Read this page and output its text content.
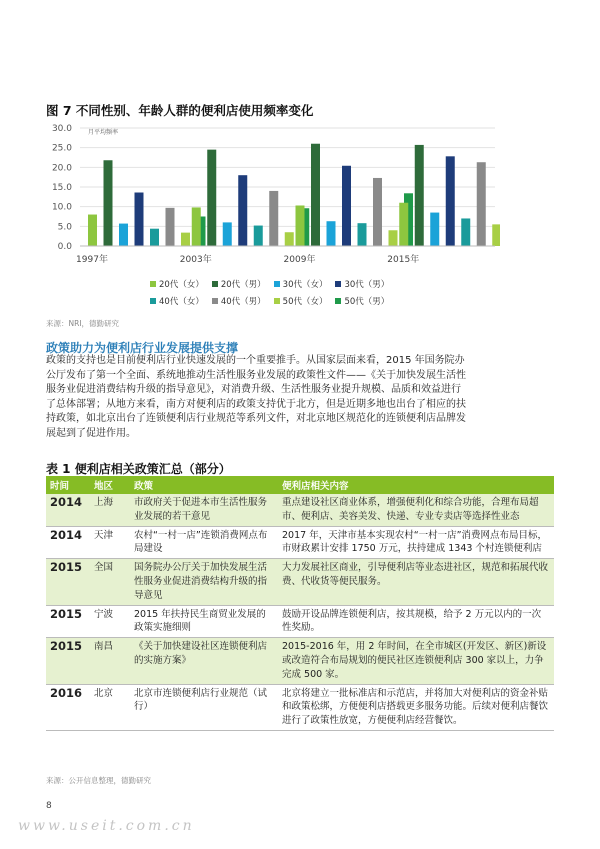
图 7 不同性别、年龄人群的便利店使用频率变化
30.0
25.0
20.0
15.0
10.0
5.0
0.0
月平均频率
1997年	2003年	2009年	2015年
20代（女） 20代（男） 30代（女） 30代（男）
40代（女） 40代（男） 50代（女） 50代（男）
来源：NRI，德勤研究
政策助力为便利店行业发展提供支撑
政策的支持也是目前便利店行业快速发展的一个重要推手。从国家层面来看，2015 年国务院办
公厅发布了第一个全面、系统地推动生活性服务业发展的政策性文件——《关于加快发展生活性
服务业促进消费结构升级的指导意见》，对消费升级、生活性服务业提升规模、品质和效益进行
了总体部署；从地方来看，南方对便利店的政策支持优于北方，但是近期多地也出台了相应的扶
持政策，如北京出台了连锁便利店行业规范等系列文件，对北京地区规范化的连锁便利店品牌发
展起到了促进作用。
表 1 便利店相关政策汇总（部分）
时间	地区	政策	便利店相关内容
2014	上海	市政府关于促进本市生活性服务业发展的若干意见	重点建设社区商业体系，增强便利化和综合功能，合理布局超市、便利店、美容美发、快递、专业专卖店等选择性业态
2014	天津	农村“一村一店”连锁消费网点布局建设	2017 年，天津市基本实现农村“一村一店”消费网点布局目标，市财政累计安排 1750 万元，扶持建成 1343 个村连锁便利店
2015	全国	国务院办公厅关于加快发展生活性服务业促进消费结构升级的指导意见	大力发展社区商业，引导便利店等业态进社区，规范和拓展代收费、代收货等便民服务。
2015	宁波	2015 年扶持民生商贸业发展的政策实施细则	鼓励开设品牌连锁便利店，按其规模，给予 2 万元以内的一次性奖励。
2015	南昌	《关于加快建设社区连锁便利店的实施方案》	2015-2016 年，用 2 年时间，在全市城区(开发区、新区)新设或改造符合布局规划的便民社区连锁便利店 300 家以上，力争完成 500 家。
2016	北京	北京市连锁便利店行业规范（试行）	北京将建立一批标准店和示范店，并将加大对便利店的资金补贴和政策松绑，方便便利店搭载更多服务功能。后续对便利店餐饮进行了政策性放宽，方便便利店经营餐饮。
来源：公开信息整理，德勤研究
8
www.useit.com.cn
